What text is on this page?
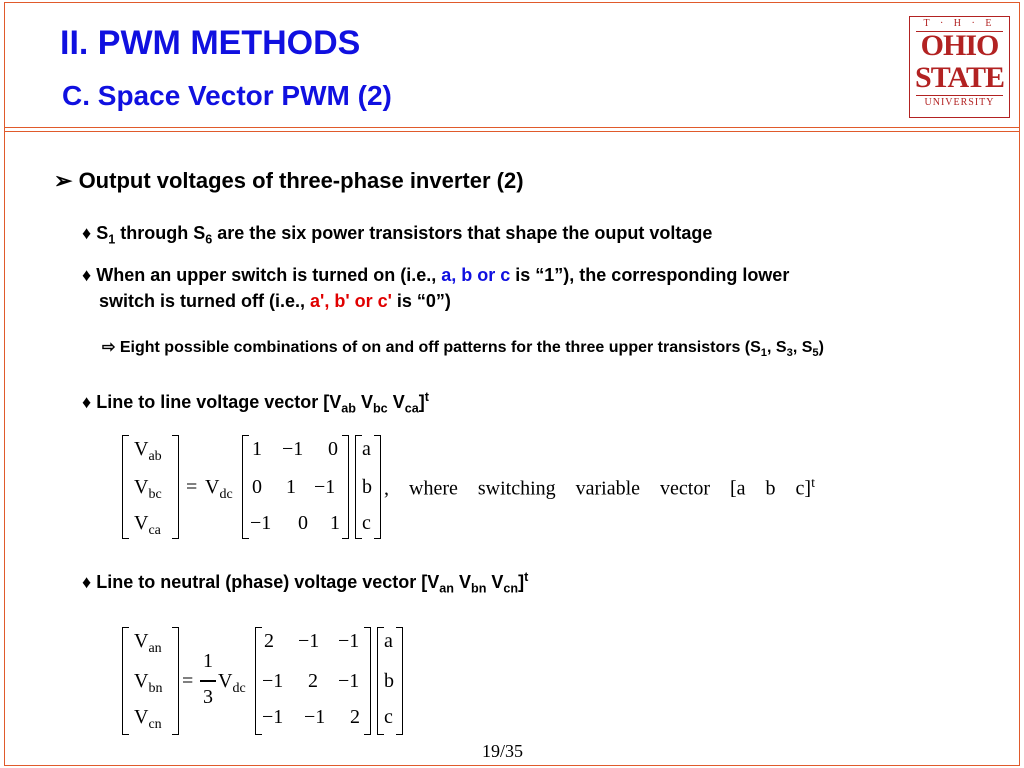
II. PWM METHODS
C. Space Vector PWM (2)
T · H · E
OHIO
STATE
UNIVERSITY
➢ Output voltages of three-phase inverter (2)
♦ $S_1$ through $S_6$ are the six power transistors that shape the ouput voltage
♦ When an upper switch is turned on (i.e., a, b or c is “1”), the corresponding lower
switch is turned off (i.e., a', b' or c' is “0”)
⇨ Eight possible combinations of on and off patterns for the three upper transistors ($S_1$, $S_3$, $S_5$)
♦ Line to line voltage vector [$V_{ab}$ $V_{bc}$ $V_{ca}]^t$
$V_{ab}$
$V_{bc}$
$V_{ca}$
= $V_{dc}$
1 −1 0
0 1 −1
−1 0 1
a
b
c
,    where    switching    variable    vector    [a    b    c]$^t$
♦ Line to neutral (phase) voltage vector [$V_{an}$ $V_{bn}$ $V_{cn}]^t$
$V_{an}$
$V_{bn}$
$V_{cn}$
=
1
3
$V_{dc}$
2 −1 −1
−1 2 −1
−1 −1 2
a
b
c
19/35
